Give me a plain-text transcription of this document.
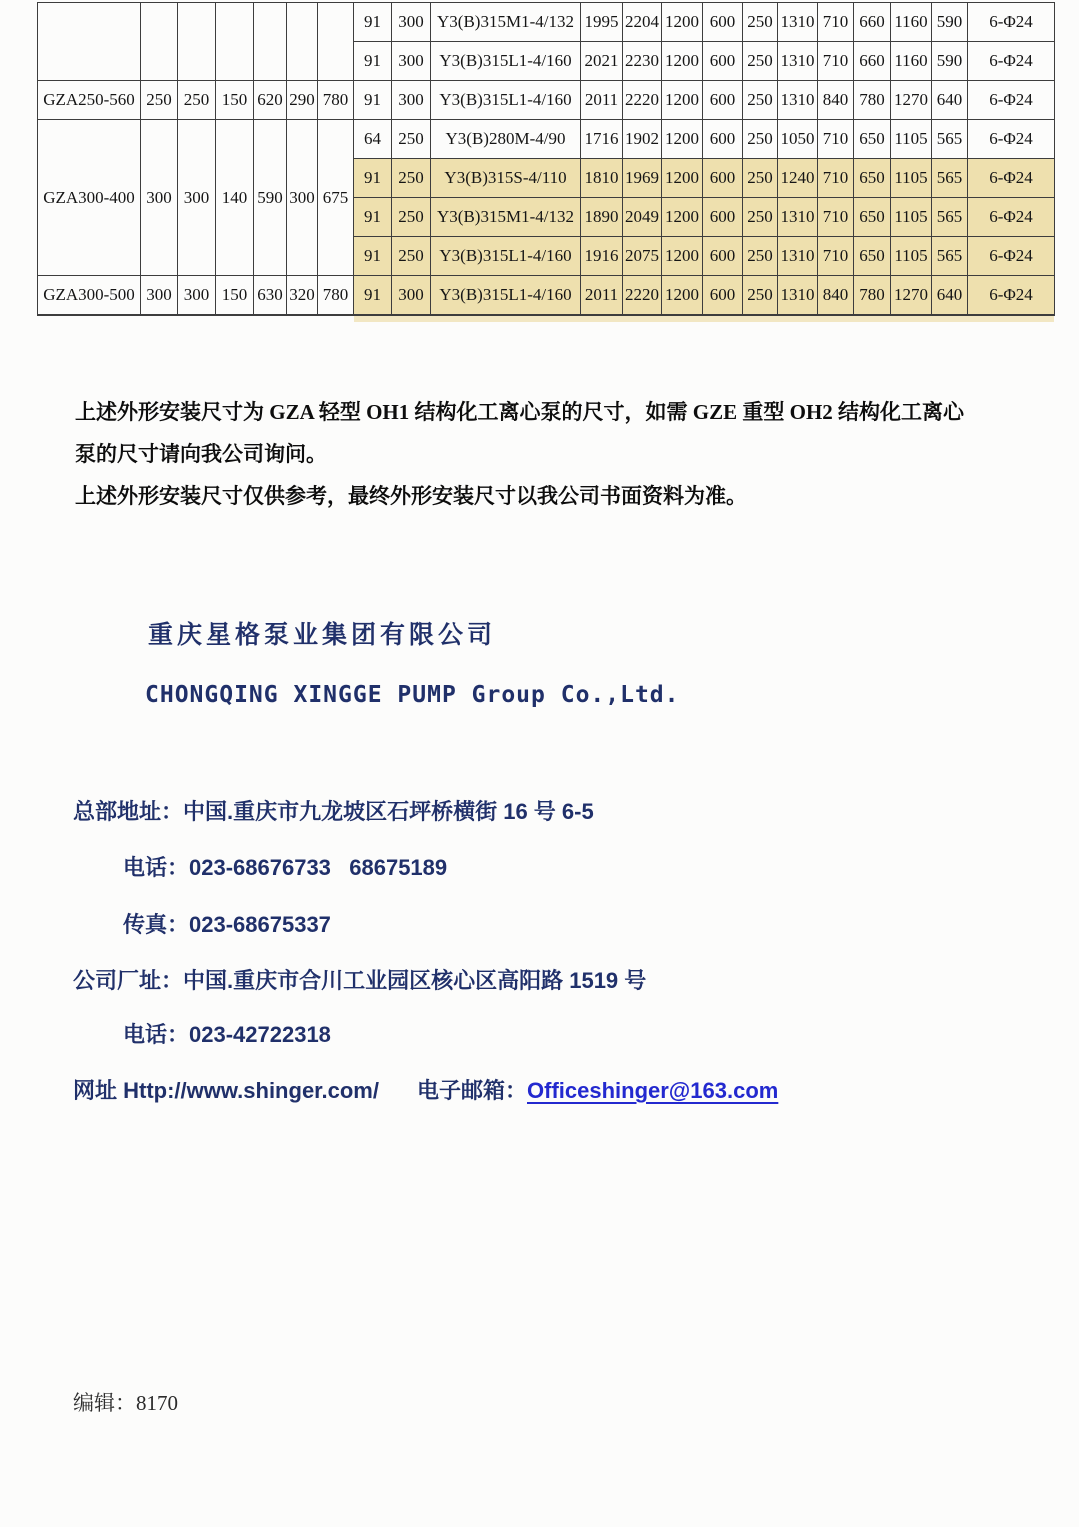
							91	300	Y3(B)315M1-4/132	1995	2204	1200	600	250	1310	710	660	1160	590	6-Φ24
							91	300	Y3(B)315L1-4/160	2021	2230	1200	600	250	1310	710	660	1160	590	6-Φ24
GZA250-560	250	250	150	620	290	780	91	300	Y3(B)315L1-4/160	2011	2220	1200	600	250	1310	840	780	1270	640	6-Φ24
GZA300-400	300	300	140	590	300	675	64	250	Y3(B)280M-4/90	1716	1902	1200	600	250	1050	710	650	1105	565	6-Φ24
							91	250	Y3(B)315S-4/110	1810	1969	1200	600	250	1240	710	650	1105	565	6-Φ24
							91	250	Y3(B)315M1-4/132	1890	2049	1200	600	250	1310	710	650	1105	565	6-Φ24
							91	250	Y3(B)315L1-4/160	1916	2075	1200	600	250	1310	710	650	1105	565	6-Φ24
GZA300-500	300	300	150	630	320	780	91	300	Y3(B)315L1-4/160	2011	2220	1200	600	250	1310	840	780	1270	640	6-Φ24

上述外形安装尺寸为 GZA 轻型 OH1 结构化工离心泵的尺寸，如需 GZE 重型 OH2 结构化工离心

泵的尺寸请向我公司询问。

上述外形安装尺寸仅供参考，最终外形安装尺寸以我公司书面资料为准。

重庆星格泵业集团有限公司
CHONGQING XINGGE PUMP Group Co.,Ltd.

总部地址：中国.重庆市九龙坡区石坪桥横街 16 号 6-5

电话：023-68676733   68675189

传真：023-68675337

公司厂址：中国.重庆市合川工业园区核心区高阳路 1519 号

电话：023-42722318

网址 Http://www.shinger.com/ 电子邮箱：Officeshinger@163.com

编辑：8170
